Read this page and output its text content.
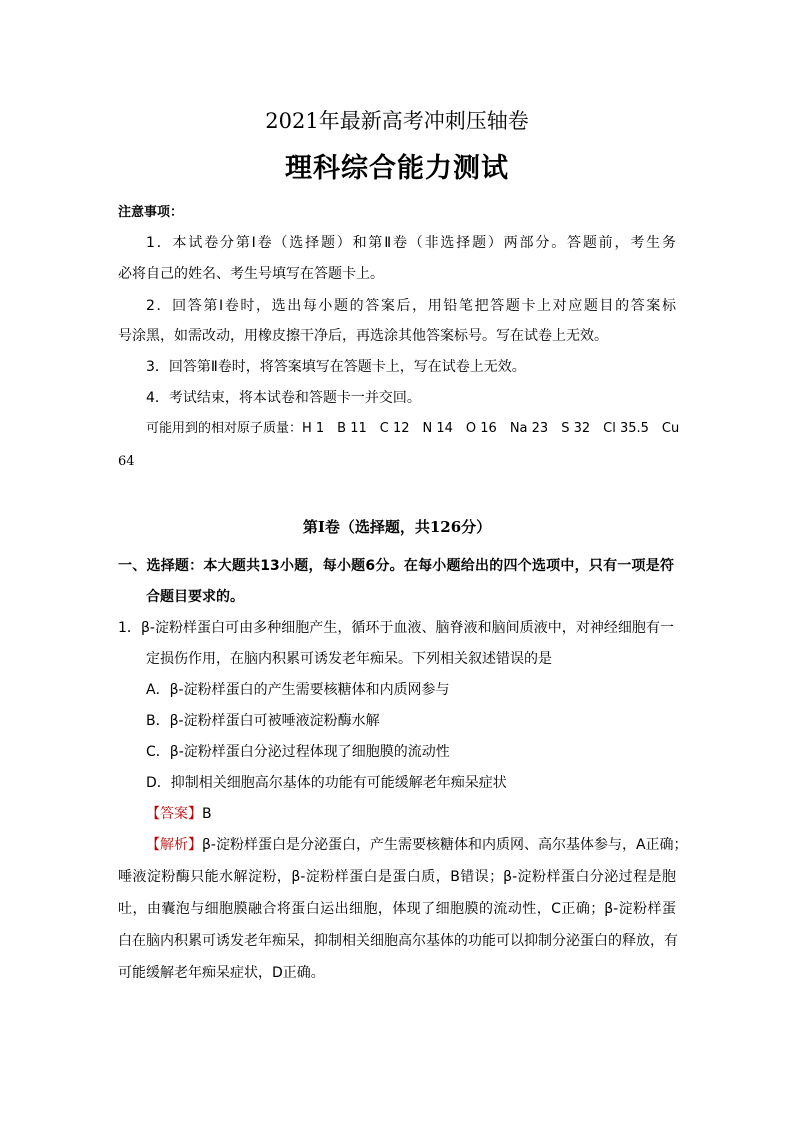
2021年最新高考冲刺压轴卷
理科综合能力测试
注意事项：
1．本试卷分第Ⅰ卷（选择题）和第Ⅱ卷（非选择题）两部分。答题前，考生务
必将自己的姓名、考生号填写在答题卡上。
2．回答第Ⅰ卷时，选出每小题的答案后，用铅笔把答题卡上对应题目的答案标
号涂黑，如需改动，用橡皮擦干净后，再选涂其他答案标号。写在试卷上无效。
3．回答第Ⅱ卷时，将答案填写在答题卡上，写在试卷上无效。
4．考试结束，将本试卷和答题卡一并交回。
可能用到的相对原子质量：H 1　B 11　C 12　N 14　O 16　Na 23　S 32　Cl 35.5　Cu
64
第Ⅰ卷（选择题，共126分）
一、选择题：本大题共13小题，每小题6分。在每小题给出的四个选项中，只有一项是符
合题目要求的。
1．β-淀粉样蛋白可由多种细胞产生，循环于血液、脑脊液和脑间质液中，对神经细胞有一
定损伤作用，在脑内积累可诱发老年痴呆。下列相关叙述错误的是
A．β-淀粉样蛋白的产生需要核糖体和内质网参与
B．β-淀粉样蛋白可被唾液淀粉酶水解
C．β-淀粉样蛋白分泌过程体现了细胞膜的流动性
D．抑制相关细胞高尔基体的功能有可能缓解老年痴呆症状
【答案】B
【解析】β-淀粉样蛋白是分泌蛋白，产生需要核糖体和内质网、高尔基体参与，A正确；
唾液淀粉酶只能水解淀粉，β-淀粉样蛋白是蛋白质，B错误；β-淀粉样蛋白分泌过程是胞
吐，由囊泡与细胞膜融合将蛋白运出细胞，体现了细胞膜的流动性，C正确；β-淀粉样蛋
白在脑内积累可诱发老年痴呆，抑制相关细胞高尔基体的功能可以抑制分泌蛋白的释放，有
可能缓解老年痴呆症状，D正确。
